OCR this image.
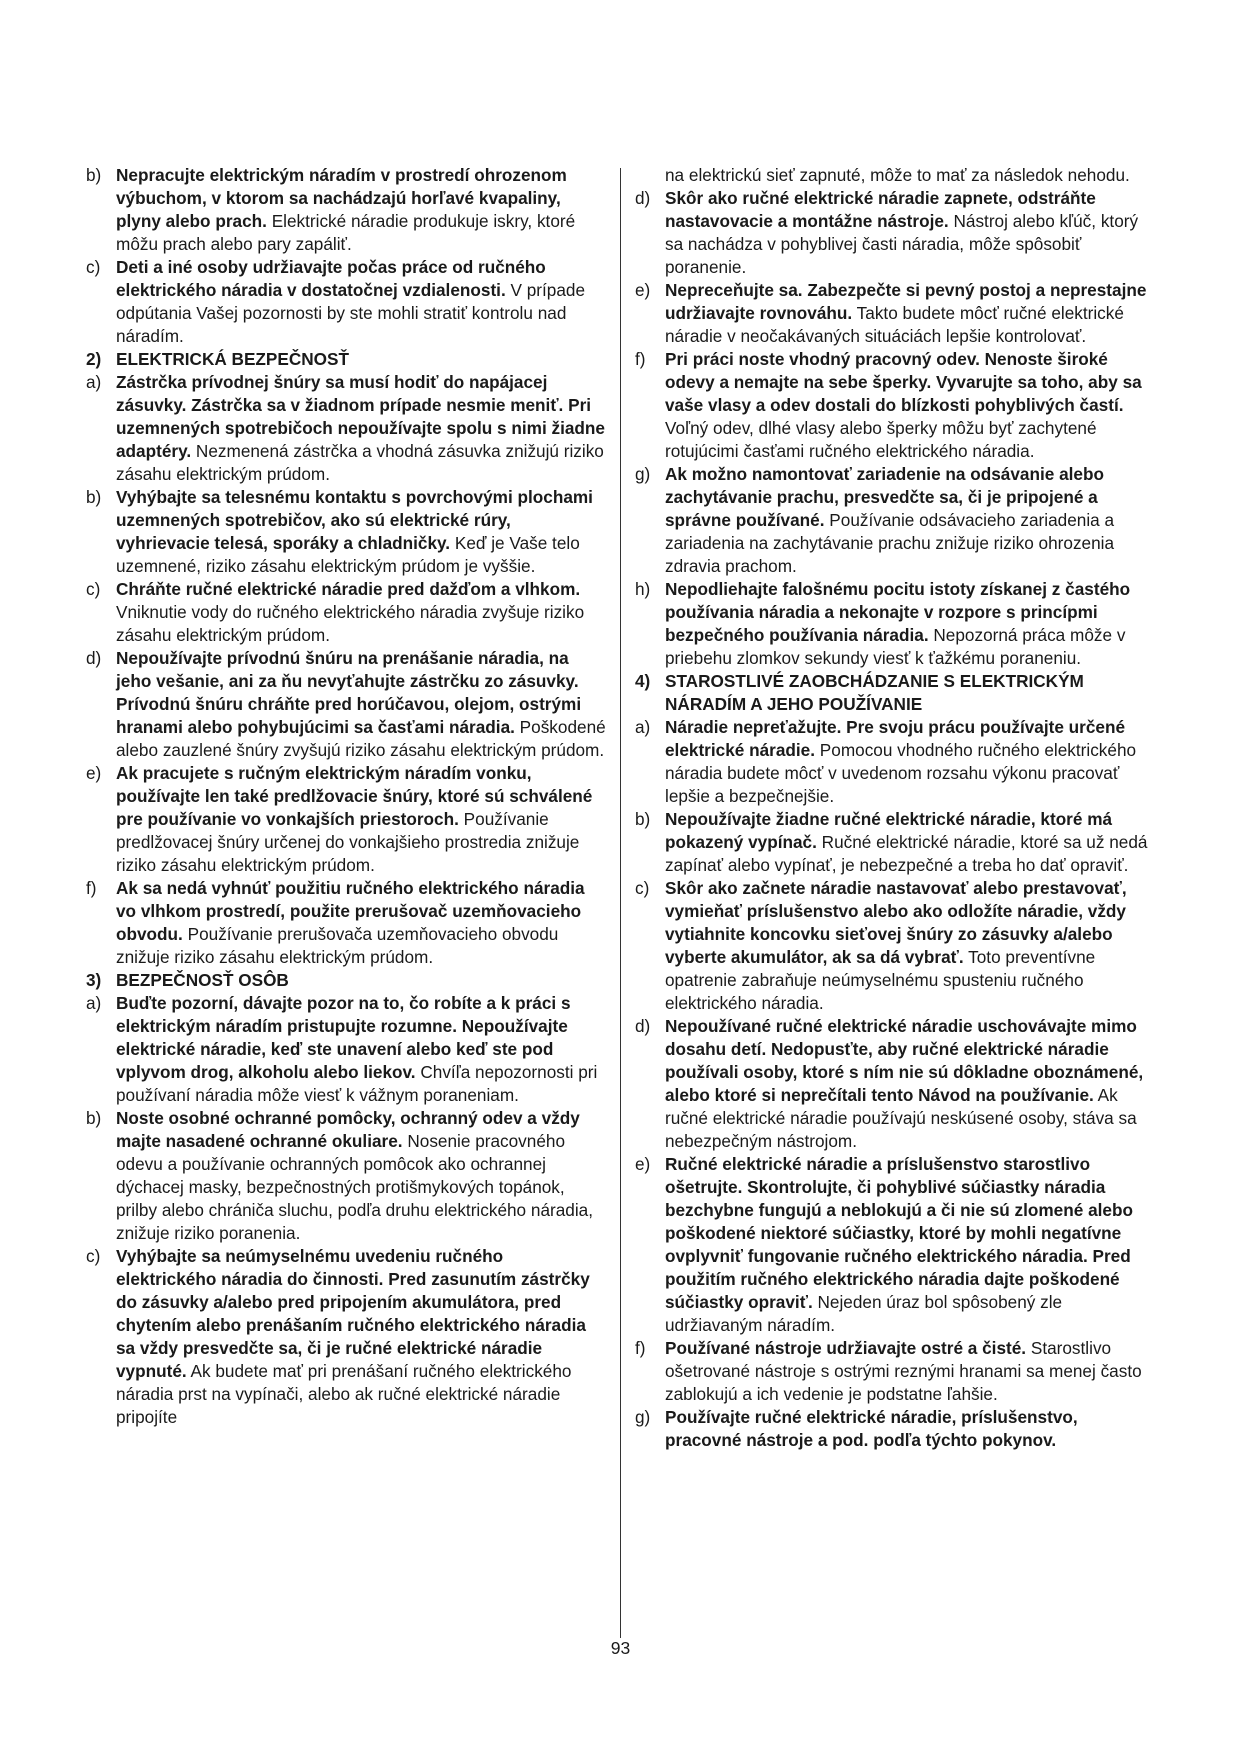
b) Nepracujte elektrickým náradím v prostredí ohrozenom výbuchom, v ktorom sa nachádzajú horľavé kvapaliny, plyny alebo prach. Elektrické náradie produkuje iskry, ktoré môžu prach alebo pary zapáliť.

c) Deti a iné osoby udržiavajte počas práce od ručného elektrického náradia v dostatočnej vzdialenosti. V prípade odpútania Vašej pozornosti by ste mohli stratiť kontrolu nad náradím.

2) ELEKTRICKÁ BEZPEČNOSŤ

a) Zástrčka prívodnej šnúry sa musí hodiť do napájacej zásuvky. Zástrčka sa v žiadnom prípade nesmie meniť. Pri uzemnených spotrebičoch nepoužívajte spolu s nimi žiadne adaptéry. Nezmenená zástrčka a vhodná zásuvka znižujú riziko zásahu elektrickým prúdom.

b) Vyhýbajte sa telesnému kontaktu s povrchovými plochami uzemnených spotrebičov, ako sú elektrické rúry, vyhrievacie telesá, sporáky a chladničky. Keď je Vaše telo uzemnené, riziko zásahu elektrickým prúdom je vyššie.

c) Chráňte ručné elektrické náradie pred dažďom a vlhkom. Vniknutie vody do ručného elektrického náradia zvyšuje riziko zásahu elektrickým prúdom.

d) Nepoužívajte prívodnú šnúru na prenášanie náradia, na jeho vešanie, ani za ňu nevyťahujte zástrčku zo zásuvky. Prívodnú šnúru chráňte pred horúčavou, olejom, ostrými hranami alebo pohybujúcimi sa časťami náradia. Poškodené alebo zauzlené šnúry zvyšujú riziko zásahu elektrickým prúdom.

e) Ak pracujete s ručným elektrickým náradím vonku, používajte len také predlžovacie šnúry, ktoré sú schválené pre používanie vo vonkajších priestoroch. Používanie predlžovacej šnúry určenej do vonkajšieho prostredia znižuje riziko zásahu elektrickým prúdom.

f) Ak sa nedá vyhnúť použitiu ručného elektrického náradia vo vlhkom prostredí, použite prerušovač uzemňovacieho obvodu. Používanie prerušovača uzemňovacieho obvodu znižuje riziko zásahu elektrickým prúdom.

3) BEZPEČNOSŤ OSÔB

a) Buďte pozorní, dávajte pozor na to, čo robíte a k práci s elektrickým náradím pristupujte rozumne. Nepoužívajte elektrické náradie, keď ste unavení alebo keď ste pod vplyvom drog, alkoholu alebo liekov. Chvíľa nepozornosti pri používaní náradia môže viesť k vážnym poraneniam.

b) Noste osobné ochranné pomôcky, ochranný odev a vždy majte nasadené ochranné okuliare. Nosenie pracovného odevu a používanie ochranných pomôcok ako ochrannej dýchacej masky, bezpečnostných protišmykových topánok, prilby alebo chrániča sluchu, podľa druhu elektrického náradia, znižuje riziko poranenia.

c) Vyhýbajte sa neúmyselnému uvedeniu ručného elektrického náradia do činnosti. Pred zasunutím zástrčky do zásuvky a/alebo pred pripojením akumulátora, pred chytením alebo prenášaním ručného elektrického náradia sa vždy presvedčte sa, či je ručné elektrické náradie vypnuté. Ak budete mať pri prenášaní ručného elektrického náradia prst na vypínači, alebo ak ručné elektrické náradie pripojíte

na elektrickú sieť zapnuté, môže to mať za následok nehodu.

d) Skôr ako ručné elektrické náradie zapnete, odstráňte nastavovacie a montážne nástroje. Nástroj alebo kľúč, ktorý sa nachádza v pohyblivej časti náradia, môže spôsobiť poranenie.

e) Nepreceňujte sa. Zabezpečte si pevný postoj a neprestajne udržiavajte rovnováhu. Takto budete môcť ručné elektrické náradie v neočakávaných situáciách lepšie kontrolovať.

f) Pri práci noste vhodný pracovný odev. Nenoste široké odevy a nemajte na sebe šperky. Vyvarujte sa toho, aby sa vaše vlasy a odev dostali do blízkosti pohyblivých častí. Voľný odev, dlhé vlasy alebo šperky môžu byť zachytené rotujúcimi časťami ručného elektrického náradia.

g) Ak možno namontovať zariadenie na odsávanie alebo zachytávanie prachu, presvedčte sa, či je pripojené a správne používané. Používanie odsávacieho zariadenia a zariadenia na zachytávanie prachu znižuje riziko ohrozenia zdravia prachom.

h) Nepodliehajte falošnému pocitu istoty získanej z častého používania náradia a nekonajte v rozpore s princípmi bezpečného používania náradia. Nepozorná práca môže v priebehu zlomkov sekundy viesť k ťažkému poraneniu.

4) STAROSTLIVÉ ZAOBCHÁDZANIE S ELEKTRICKÝM NÁRADÍM A JEHO POUŽÍVANIE

a) Náradie nepreťažujte. Pre svoju prácu používajte určené elektrické náradie. Pomocou vhodného ručného elektrického náradia budete môcť v uvedenom rozsahu výkonu pracovať lepšie a bezpečnejšie.

b) Nepoužívajte žiadne ručné elektrické náradie, ktoré má pokazený vypínač. Ručné elektrické náradie, ktoré sa už nedá zapínať alebo vypínať, je nebezpečné a treba ho dať opraviť.

c) Skôr ako začnete náradie nastavovať alebo prestavovať, vymieňať príslušenstvo alebo ako odložíte náradie, vždy vytiahnite koncovku sieťovej šnúry zo zásuvky a/alebo vyberte akumulátor, ak sa dá vybrať. Toto preventívne opatrenie zabraňuje neúmyselnému spusteniu ručného elektrického náradia.

d) Nepoužívané ručné elektrické náradie uschovávajte mimo dosahu detí. Nedopusťte, aby ručné elektrické náradie používali osoby, ktoré s ním nie sú dôkladne oboznámené, alebo ktoré si neprečítali tento Návod na používanie. Ak ručné elektrické náradie používajú neskúsené osoby, stáva sa nebezpečným nástrojom.

e) Ručné elektrické náradie a príslušenstvo starostlivo ošetrujte. Skontrolujte, či pohyblivé súčiastky náradia bezchybne fungujú a neblokujú a či nie sú zlomené alebo poškodené niektoré súčiastky, ktoré by mohli negatívne ovplyvniť fungovanie ručného elektrického náradia. Pred použitím ručného elektrického náradia dajte poškodené súčiastky opraviť. Nejeden úraz bol spôsobený zle udržiavaným náradím.

f) Používané nástroje udržiavajte ostré a čisté. Starostlivo ošetrované nástroje s ostrými reznými hranami sa menej často zablokujú a ich vedenie je podstatne ľahšie.

g) Používajte ručné elektrické náradie, príslušenstvo, pracovné nástroje a pod. podľa týchto pokynov.

93
